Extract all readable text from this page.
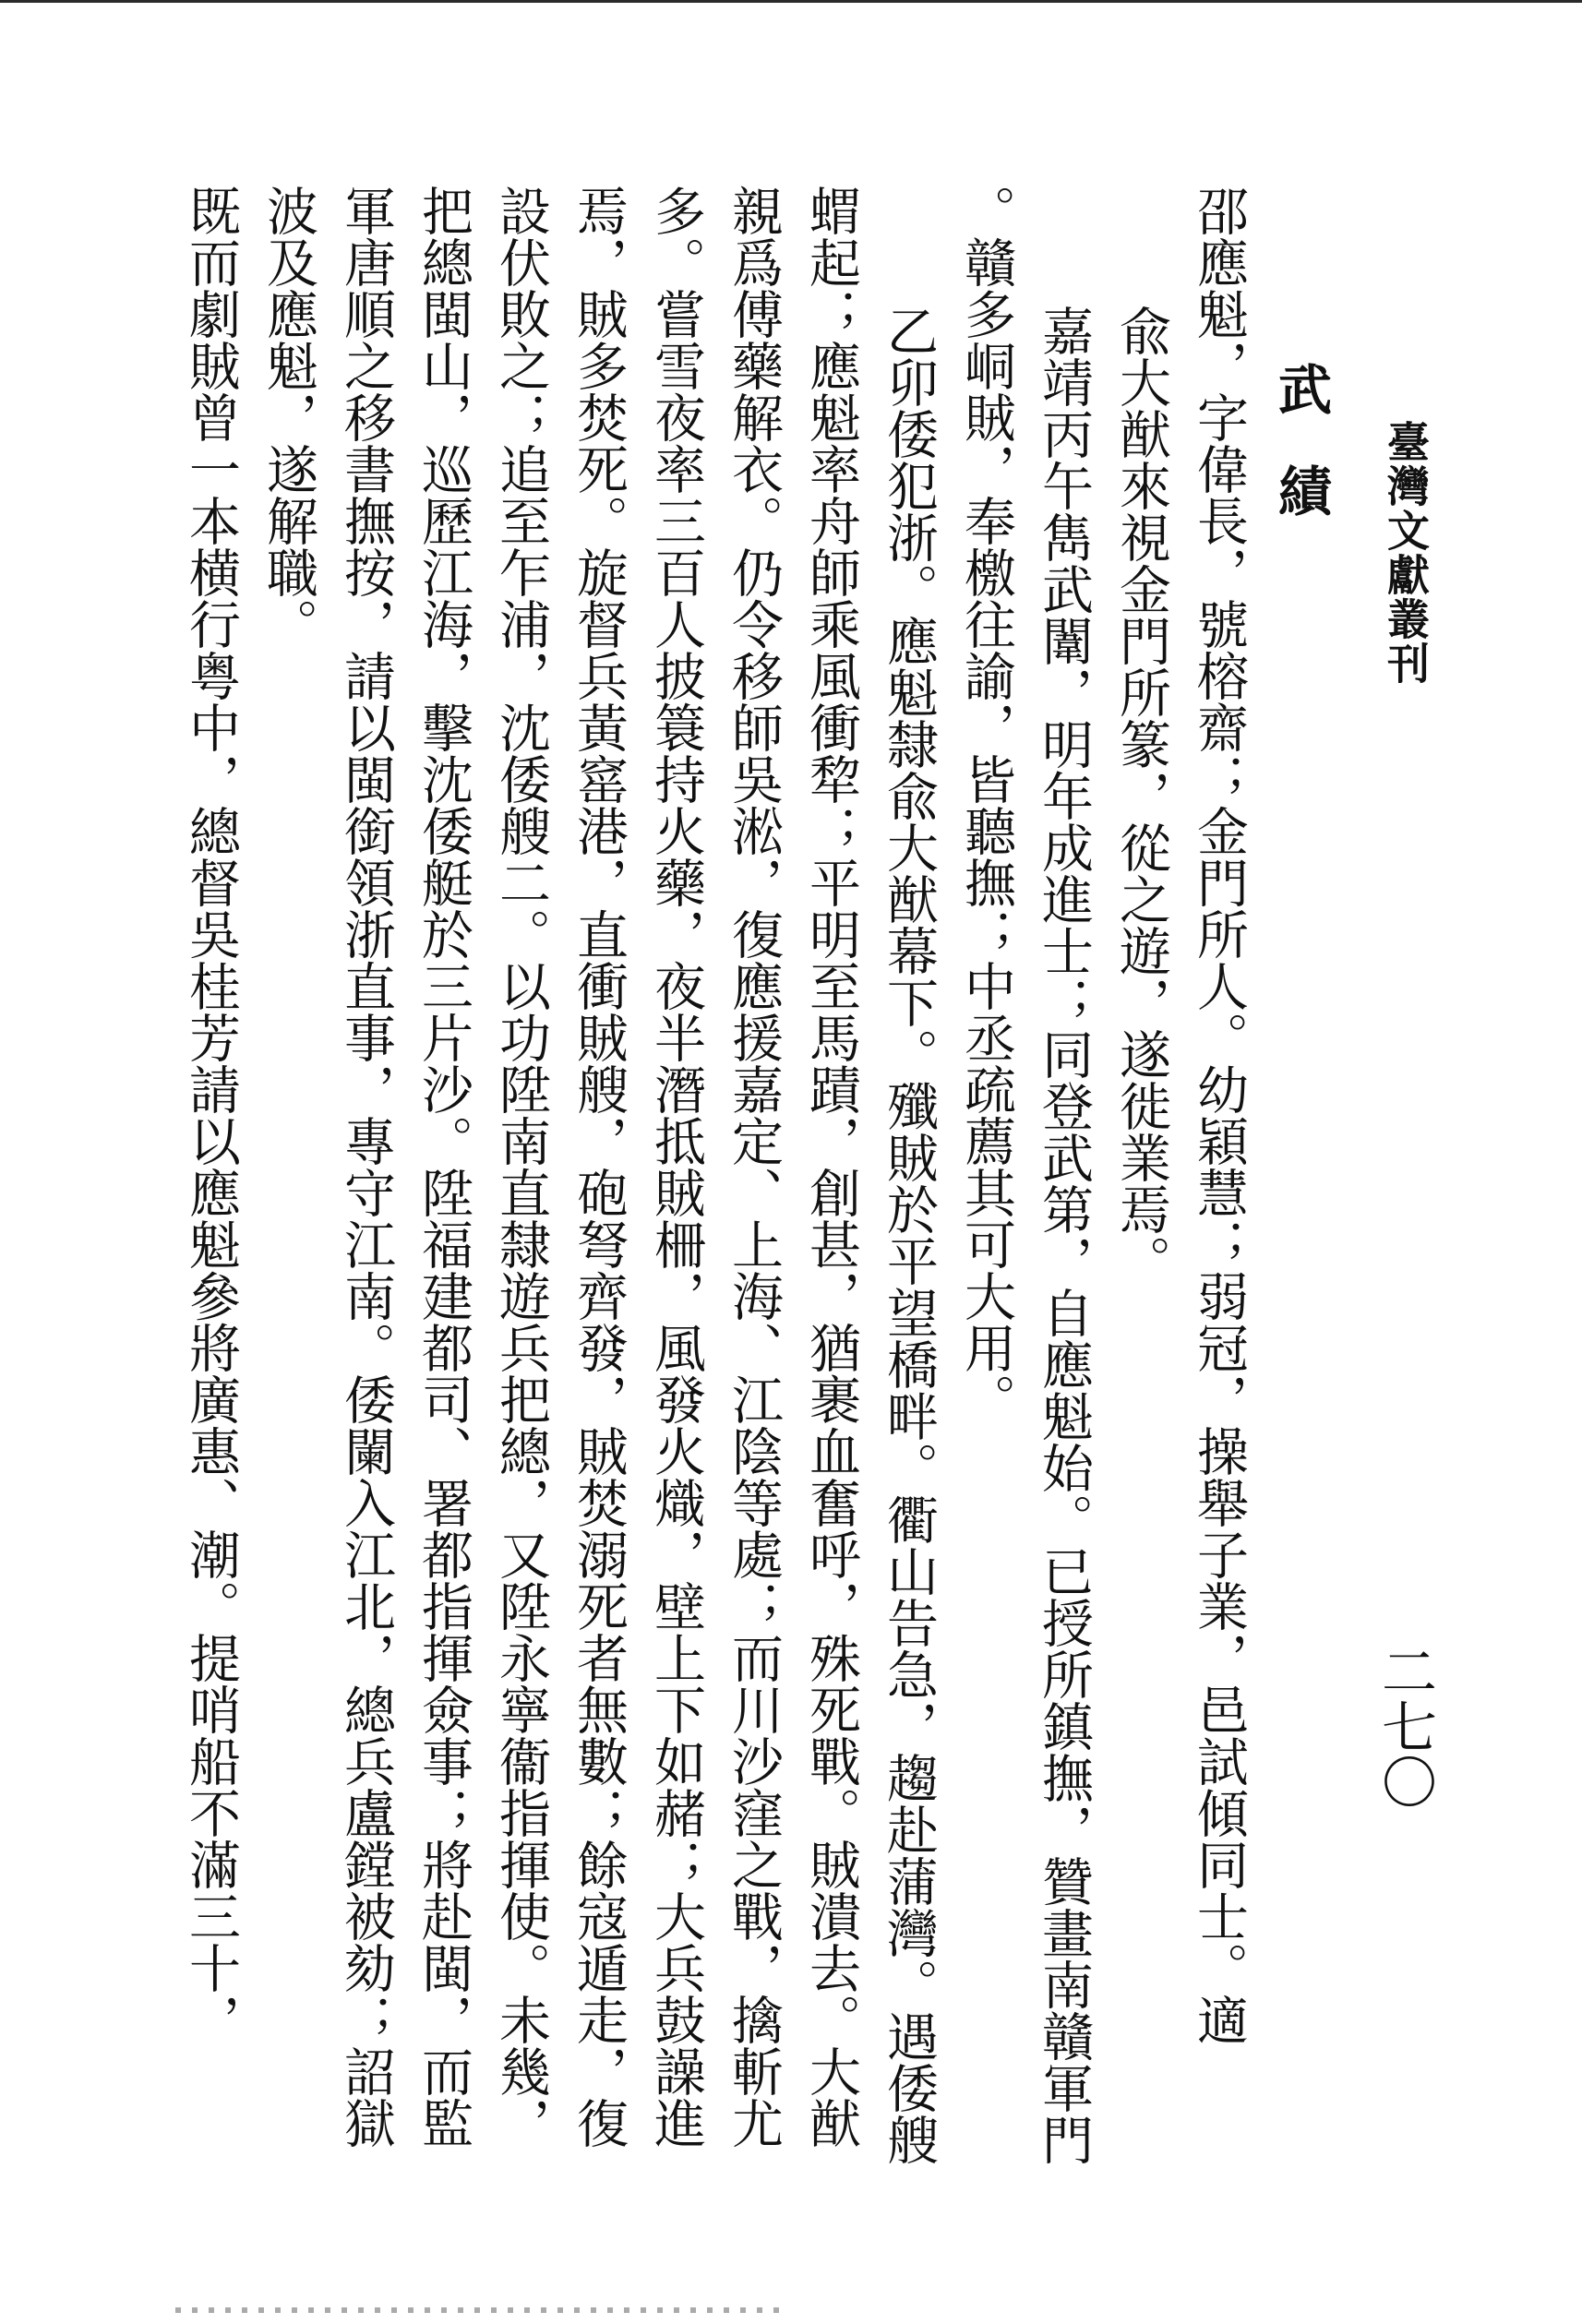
臺灣文獻叢刊
二七〇
武績
邵應魁，字偉長，號榕齋；金門所人。幼穎慧；弱冠，操舉子業，邑試傾同士。適
兪大猷來視金門所篆，從之遊，遂徙業焉。
嘉靖丙午雋武闈，明年成進士；同登武第，自應魁始。已授所鎮撫，贊畫南贛軍門
。贛多峒賊，奉檄往諭，皆聽撫；中丞疏薦其可大用。
乙卯倭犯浙。應魁隸兪大猷幕下。殲賊於平望橋畔。衢山告急，趨赴蒲灣。遇倭艘
蝟起；應魁率舟師乘風衝犂；平明至馬蹟，創甚，猶裹血奮呼，殊死戰。賊潰去。大猷
親爲傅藥解衣。仍令移師吳淞，復應援嘉定、上海、江陰等處；而川沙窪之戰，擒斬尤
多。嘗雪夜率三百人披簑持火藥，夜半潛抵賊柵，風發火熾，壁上下如赭；大兵鼓譟進
焉，賊多焚死。旋督兵黃窰港，直衝賊艘，砲弩齊發，賊焚溺死者無數；餘寇遁走，復
設伏敗之；追至乍浦，沈倭艘二。以功陞南直隸遊兵把總，又陞永寧衞指揮使。未幾，
把總閩山，巡歷江海，擊沈倭艇於三片沙。陞福建都司、署都指揮僉事；將赴閩，而監
軍唐順之移書撫按，請以閩銜領浙直事，專守江南。倭闌入江北，總兵盧鏜被劾；詔獄
波及應魁，遂解職。
既而劇賊曾一本横行粤中，總督吳桂芳請以應魁參將廣惠、潮。提哨船不滿三十，
